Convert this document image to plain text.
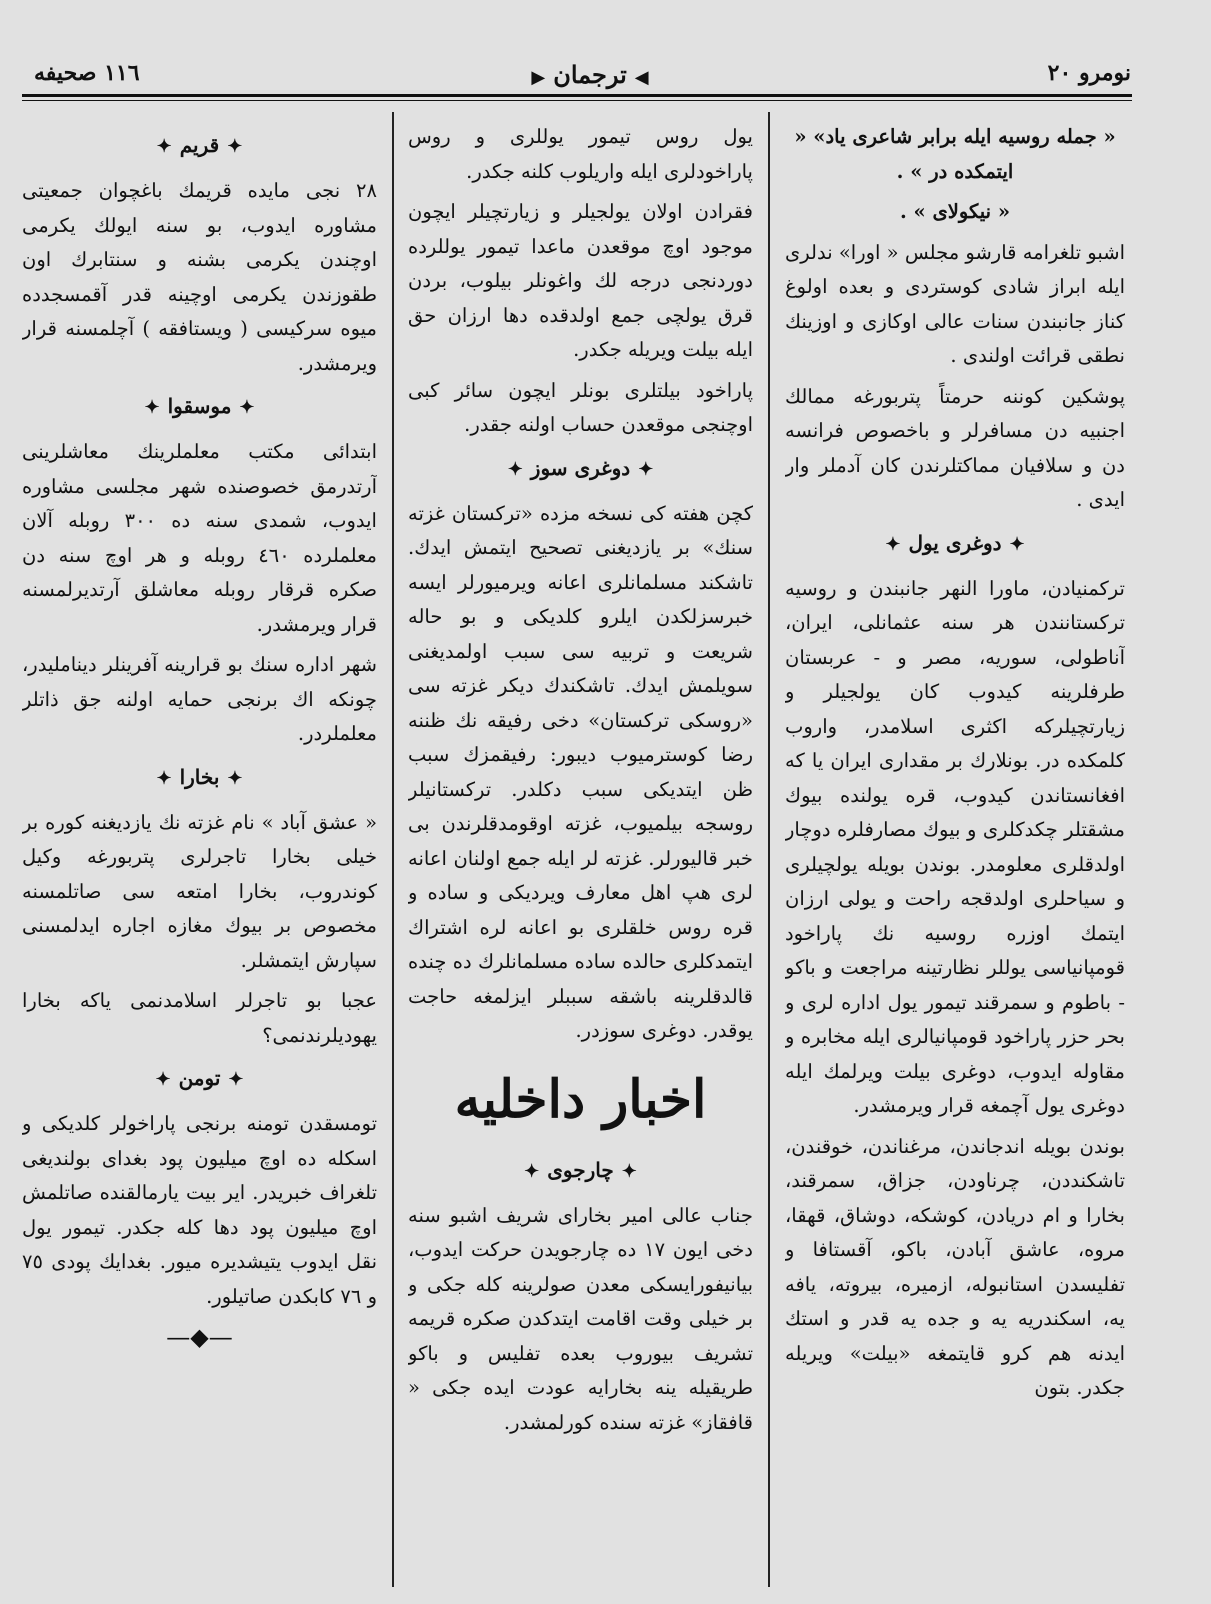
١١٦ صحيفه	◀ترجمان▶	نومرو ٢٠

« جمله روسيه ايله برابر شاعرى ياد» « ايتمكده در » .

« نيكولاى » .

اشبو تلغرامه قارشو مجلس « اورا» ندلرى ايله ابراز شادى كوستردى و بعده اولوغ كناز جانبندن سنات عالى اوكازى و اوزينك نطقى قرائت اولندى .

پوشكين كوننه حرمتاً پتربورغه ممالك اجنبيه دن مسافرلر و باخصوص فرانسه دن و سلافيان مماكتلرندن كان آدملر وار ايدى .

✦دوغرى يول✦

تركمنيادن، ماورا النهر جانبندن و روسيه تركستانندن هر سنه عثمانلى، ايران، آناطولى، سوريه، مصر و - عربستان طرفلرينه كيدوب كان يولجيلر و زيارتچيلركه اكثرى اسلامدر، واروب كلمكده در. بونلارك بر مقدارى ايران يا كه افغانستاندن كيدوب، قره يولنده بيوك مشقتلر چكدكلرى و بيوك مصارفلره دوچار اولدقلرى معلومدر. بوندن بويله يولچيلرى و سياحلرى اولدقجه راحت و يولى ارزان ايتمك اوزره روسيه نك پاراخود قومپانياسى يوللر نظارتينه مراجعت و باكو - باطوم و سمرقند تيمور يول اداره لرى و بحر حزر پاراخود قومپانيالرى ايله مخابره و مقاوله ايدوب، دوغرى بيلت ويرلمك ايله دوغرى يول آچمغه قرار ويرمشدر.

بوندن بويله اندجاندن، مرغناندن، خوقندن، تاشكنددن، چرناودن، جزاق، سمرقند، بخارا و ام دريادن، كوشكه، دوشاق، قهقا، مروه، عاشق آبادن، باكو، آقستافا و تفليسدن استانبوله، ازميره، بيروته، يافه يه، اسكندريه يه و جده يه قدر و استك ايدنه هم كرو قايتمغه «بيلت» ويريله جكدر. بتون

يول روس تيمور يوللرى و روس پاراخودلرى ايله واريلوب كلنه جكدر.

فقرادن اولان يولجيلر و زيارتچيلر ايچون موجود اوچ موقعدن ماعدا تيمور يوللرده دوردنجى درجه لك واغونلر بيلوب، بردن قرق يولچى جمع اولدقده دها ارزان حق ايله بيلت ويريله جكدر.

پاراخود بيلتلرى بونلر ايچون سائر كبى اوچنجى موقعدن حساب اولنه جقدر.

✦دوغرى سوز✦

كچن هفته كى نسخه مزده «تركستان غزته سنك» بر يازديغنى تصحيح ايتمش ايدك. تاشكند مسلمانلرى اعانه ويرميورلر ايسه خبرسزلكدن ايلرو كلديكى و بو حاله شريعت و تربيه سى سبب اولمديغنى سويلمش ايدك. تاشكندك ديكر غزته سى «روسكى تركستان» دخى رفيقه نك ظننه رضا كوسترميوب ديبور: رفيقمزك سبب ظن ايتديكى سبب دكلدر. تركستانيلر روسجه بيلميوب، غزته اوقومدقلرندن بى خبر قاليورلر. غزته لر ايله جمع اولنان اعانه لرى هپ اهل معارف ويرديكى و ساده و قره روس خلقلرى بو اعانه لره اشتراك ايتمدكلرى حالده ساده مسلمانلرك ده چنده قالدقلرينه باشقه سببلر ايزلمغه حاجت يوقدر. دوغرى سوزدر.

اخبار داخليه
✦چارجوى✦

جناب عالى امير بخاراى شريف اشبو سنه دخى ايون ١٧ ده چارجويدن حركت ايدوب، بيانيفورايسكى معدن صولرينه كله جكى و بر خيلى وقت اقامت ايتدكدن صكره قريمه تشريف بيوروب بعده تفليس و باكو طريقيله ينه بخارايه عودت ايده جكى « قافقاز» غزته سنده كورلمشدر.

✦قريم✦

٢٨ نجى مايده قريمك باغچوان جمعيتى مشاوره ايدوب، بو سنه ايولك يكرمى اوچندن يكرمى بشنه و سنتابرك اون طقوزندن يكرمى اوچينه قدر آقمسجدده ميوه سركيسى ( ويستافقه ) آچلمسنه قرار ويرمشدر.

✦موسقوا✦

ابتدائى مكتب معلملرينك معاشلرينى آرتدرمق خصوصنده شهر مجلسى مشاوره ايدوب، شمدى سنه ده ٣٠٠ روبله آلان معلملرده ٤٦٠ روبله و هر اوچ سنه دن صكره قرقار روبله معاشلق آرتديرلمسنه قرار ويرمشدر.

شهر اداره سنك بو قرارينه آفرينلر دينامليدر، چونكه اك برنجى حمايه اولنه جق ذاتلر معلملردر.

✦بخارا✦

« عشق آباد » نام غزته نك يازديغنه كوره بر خيلى بخارا تاجرلرى پتربورغه وكيل كوندروب، بخارا امتعه سى صاتلمسنه مخصوص بر بيوك مغازه اجاره ايدلمسنى سپارش ايتمشلر.

عجبا بو تاجرلر اسلامدنمى ياكه بخارا يهوديلرندنمى؟

✦تومن✦

تومسقدن تومنه برنجى پاراخولر كلديكى و اسكله ده اوچ ميليون پود بغداى بولنديغى تلغراف خبريدر. اير بيت يارمالقنده صاتلمش اوچ ميليون پود دها كله جكدر. تيمور يول نقل ايدوب يتيشديره ميور. بغدايك پودى ٧٥ و ٧٦ كابكدن صاتيلور.

—◆—
